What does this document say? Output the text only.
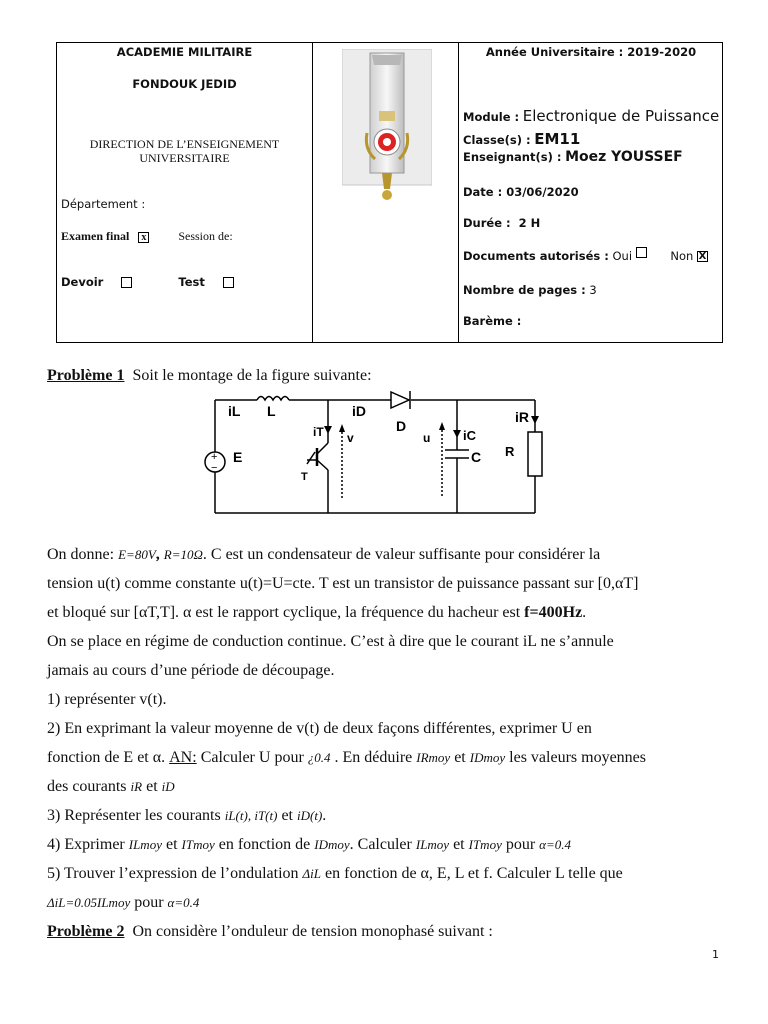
ACADEMIE MILITAIRE
FONDOUK JEDID
DIRECTION DE L’ENSEIGNEMENT UNIVERSITAIRE
Département :
Examen final x	Session de:
Devoir	Test
Année Universitaire : 2019-2020
Module : Electronique de Puissance
Classe(s) : EM11
Enseignant(s) : Moez YOUSSEF
Date : 03/06/2020
Durée : 2 H
Documents autorisés : Oui	Non X
Nombre de pages : 3
Barème :
Problème 1 Soit le montage de la figure suivante:
iL L	iD
D
iR
iT v	u	iC
E	C R
T
+
−
On donne: E=80V, R=10Ω. C est un condensateur de valeur suffisante pour considérer la
tension u(t) comme constante u(t)=U=cte. T est un transistor de puissance passant sur [0,αT]
et bloqué sur [αT,T]. α est le rapport cyclique, la fréquence du hacheur est f=400Hz.
On se place en régime de conduction continue. C’est à dire que le courant iL ne s’annule
jamais au cours d’une période de découpage.
1) représenter v(t).
2) En exprimant la valeur moyenne de v(t) de deux façons différentes, exprimer U en
fonction de E et α. AN: Calculer U pour ¿0.4 . En déduire IRmoy et IDmoy les valeurs moyennes
des courants iR et iD
3) Représenter les courants iL(t), iT(t) et iD(t).
4) Exprimer ILmoy et ITmoy en fonction de IDmoy. Calculer ILmoy et ITmoy pour α=0.4
5) Trouver l’expression de l’ondulation ΔiL en fonction de α, E, L et f. Calculer L telle que
ΔiL=0.05ILmoy pour α=0.4
Problème 2 On considère l’onduleur de tension monophasé suivant :
1
